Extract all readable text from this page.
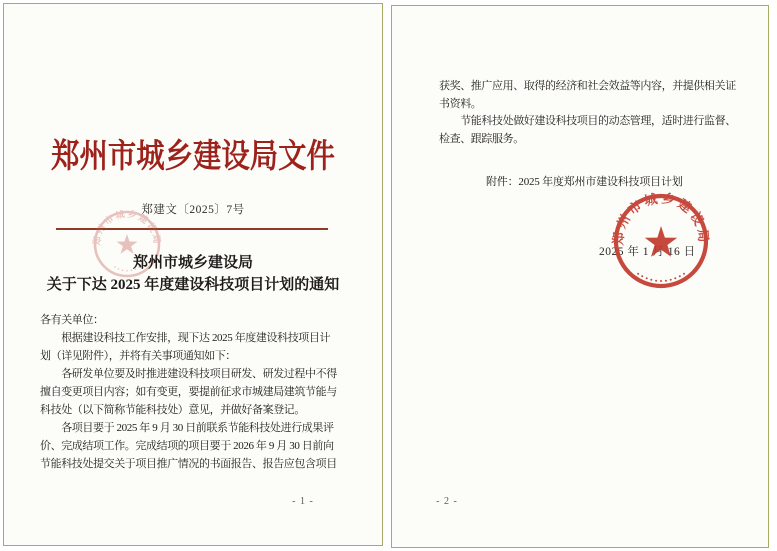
郑州市城乡建设局文件
郑建文〔2025〕7号
郑州市城乡建设局
郑州市城乡建设局
关于下达 2025 年度建设科技项目计划的通知
各有关单位：
　　根据建设科技工作安排，现下达 2025 年度建设科技项目计
划（详见附件），并将有关事项通知如下：
　　各研发单位要及时推进建设科技项目研发、研发过程中不得
擅自变更项目内容；如有变更，要提前征求市城建局建筑节能与
科技处（以下简称节能科技处）意见，并做好备案登记。
　　各项目要于 2025 年 9 月 30 日前联系节能科技处进行成果评
价、完成结项工作。完成结项的项目要于 2026 年 9 月 30 日前向
节能科技处提交关于项目推广情况的书面报告、报告应包含项目
- 1 -
获奖、推广应用、取得的经济和社会效益等内容，并提供相关证
书资料。
　　节能科技处做好建设科技项目的动态管理，适时进行监督、
检查、跟踪服务。
附件：2025 年度郑州市建设科技项目计划
2025 年 1 月 16 日
郑州市城乡建设局
- 2 -
